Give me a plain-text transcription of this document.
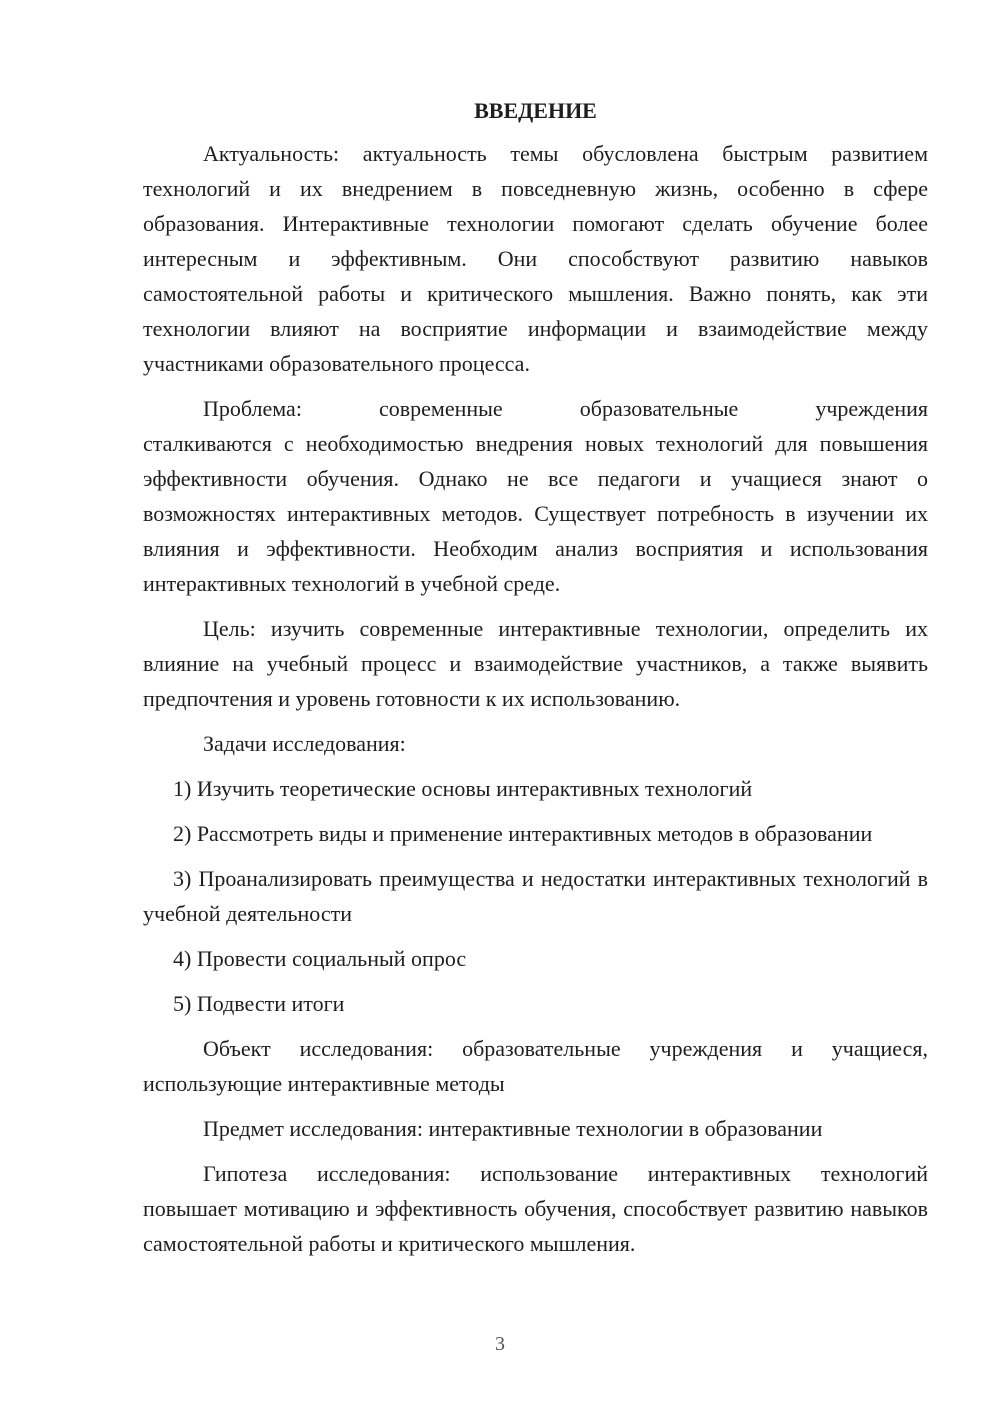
ВВЕДЕНИЕ

Актуальность: актуальность темы обусловлена быстрым развитием технологий и их внедрением в повседневную жизнь, особенно в сфере образования. Интерактивные технологии помогают сделать обучение более интересным и эффективным. Они способствуют развитию навыков самостоятельной работы и критического мышления. Важно понять, как эти технологии влияют на восприятие информации и взаимодействие между участниками образовательного процесса.

Проблема: современные образовательные учреждения
сталкиваются с необходимостью внедрения новых технологий для повышения эффективности обучения. Однако не все педагоги и учащиеся знают о возможностях интерактивных методов. Существует потребность в изучении их влияния и эффективности. Необходим анализ восприятия и использования интерактивных технологий в учебной среде.

Цель: изучить современные интерактивные технологии, определить их влияние на учебный процесс и взаимодействие участников, а также выявить предпочтения и уровень готовности к их использованию.

Задачи исследования:

1) Изучить теоретические основы интерактивных технологий

2) Рассмотреть виды и применение интерактивных методов в образовании

3) Проанализировать преимущества и недостатки интерактивных технологий в учебной деятельности

4) Провести социальный опрос

5) Подвести итоги

Объект исследования: образовательные учреждения и учащиеся, использующие интерактивные методы

Предмет исследования: интерактивные технологии в образовании

Гипотеза исследования: использование интерактивных технологий повышает мотивацию и эффективность обучения, способствует развитию навыков самостоятельной работы и критического мышления.

3
